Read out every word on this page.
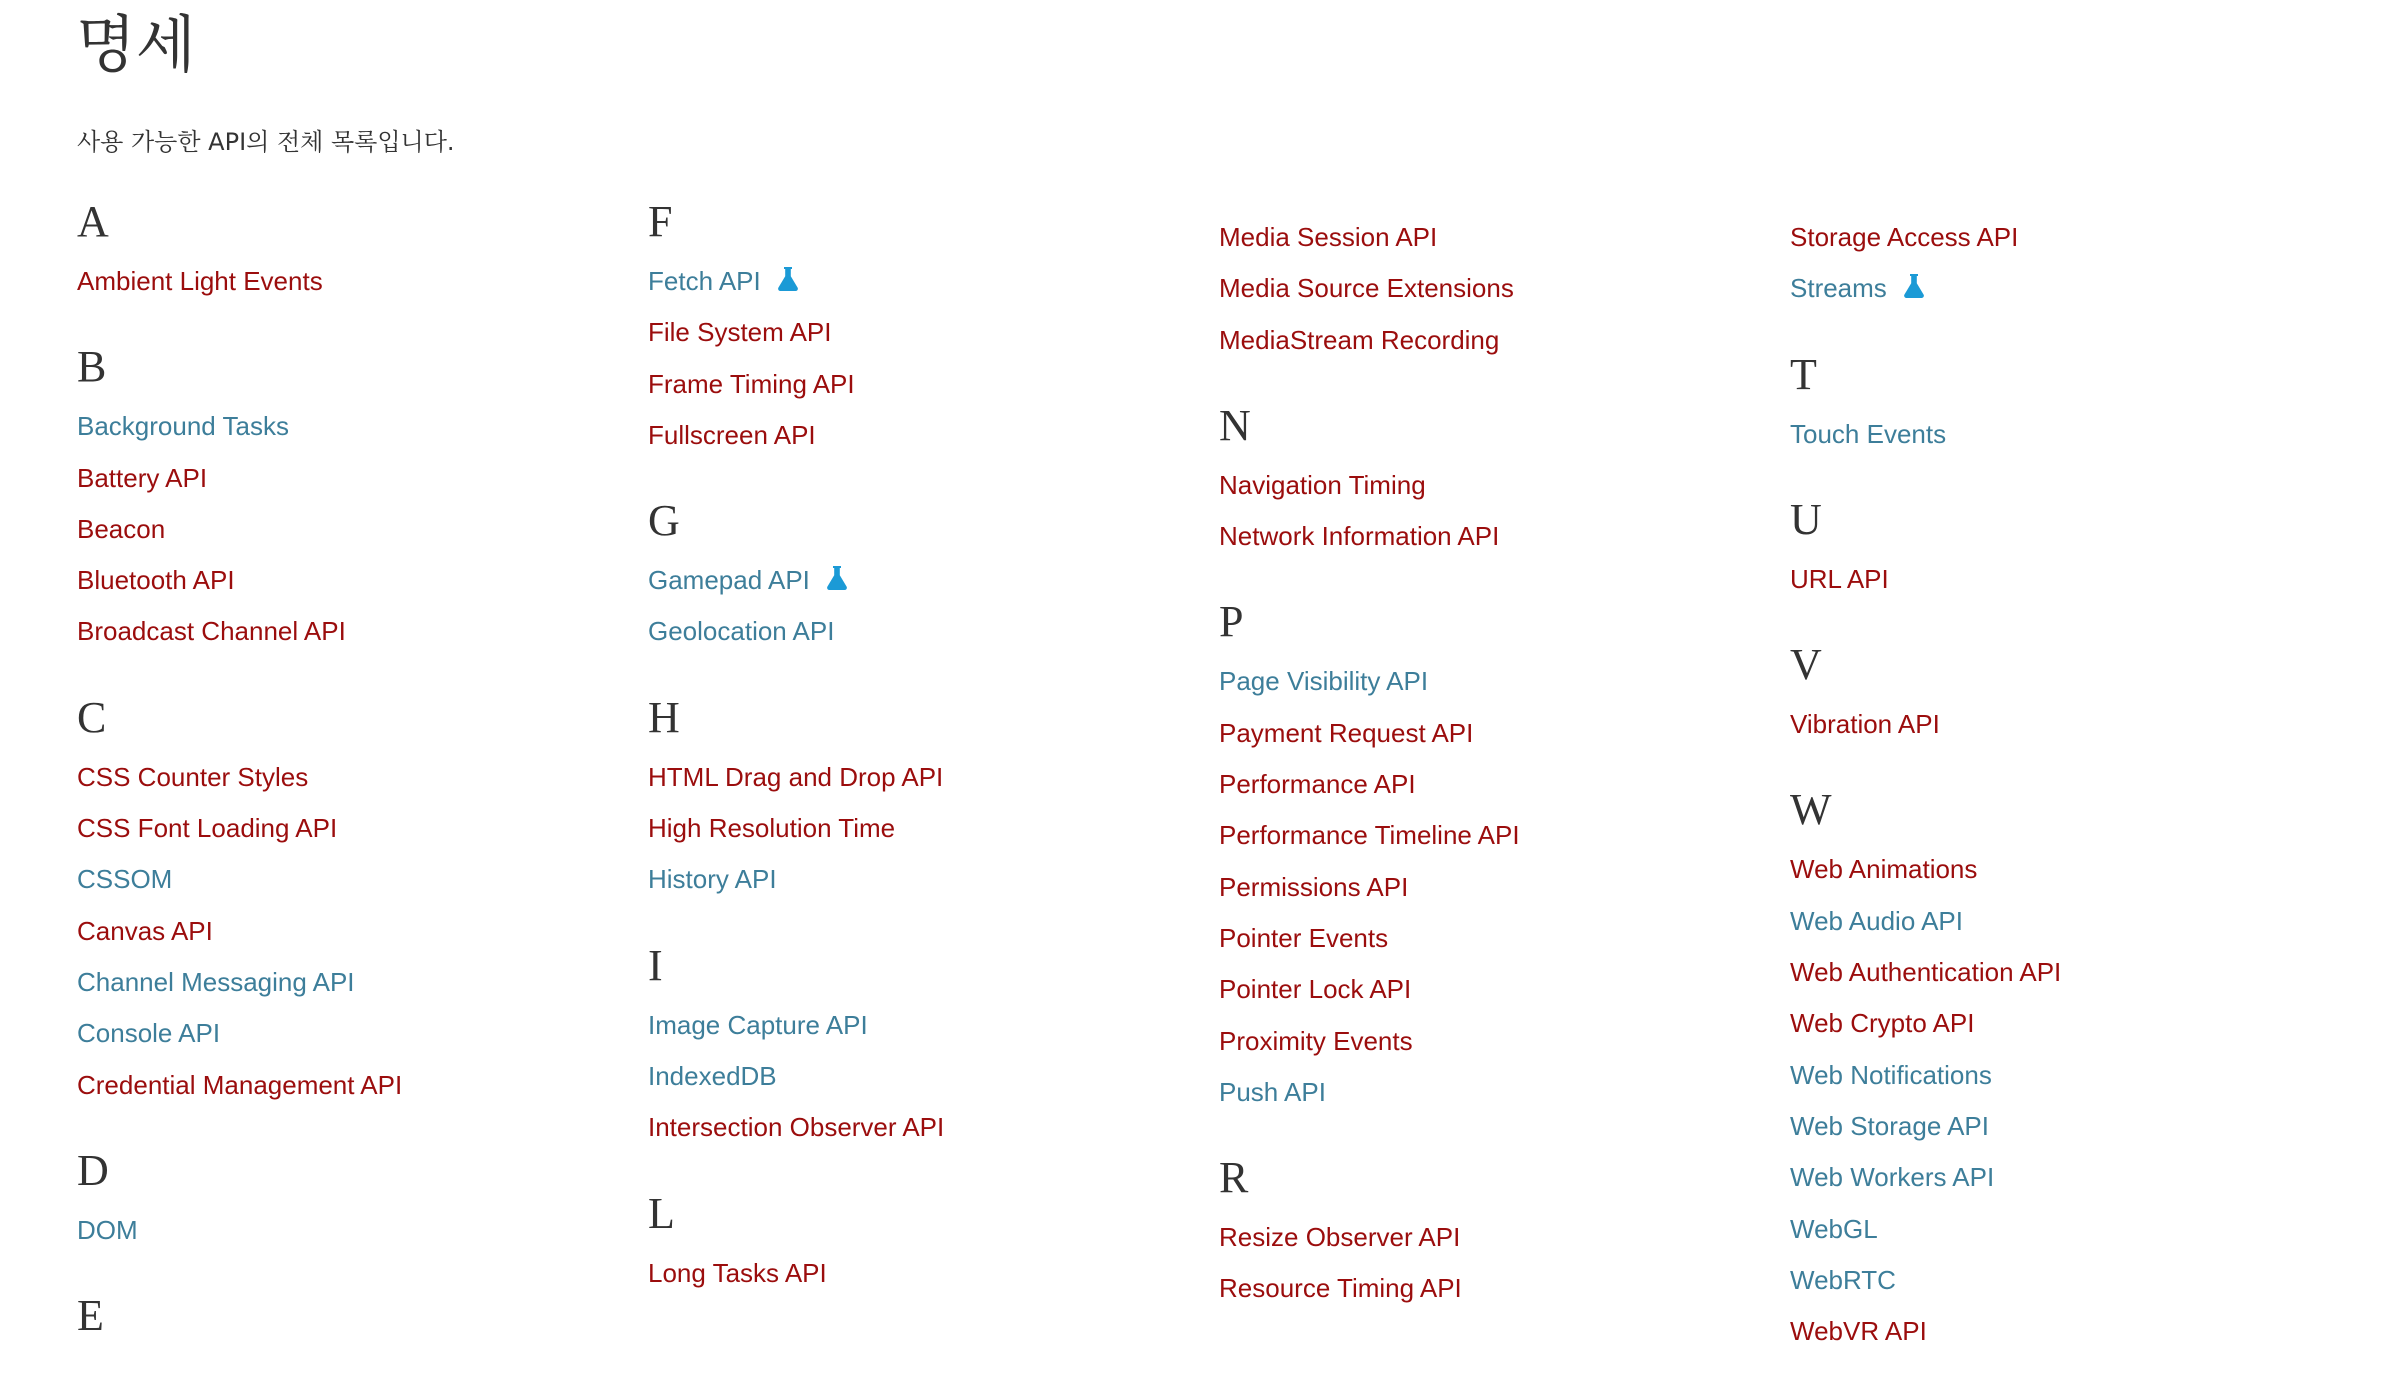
명세

사용 가능한 API의 전체 목록입니다.

A
Ambient Light Events
B
Background Tasks
Battery API
Beacon
Bluetooth API
Broadcast Channel API
C
CSS Counter Styles
CSS Font Loading API
CSSOM
Canvas API
Channel Messaging API
Console API
Credential Management API
D
DOM
E
F
Fetch API
File System API
Frame Timing API
Fullscreen API
G
Gamepad API
Geolocation API
H
HTML Drag and Drop API
High Resolution Time
History API
I
Image Capture API
IndexedDB
Intersection Observer API
L
Long Tasks API
Media Session API
Media Source Extensions
MediaStream Recording
N
Navigation Timing
Network Information API
P
Page Visibility API
Payment Request API
Performance API
Performance Timeline API
Permissions API
Pointer Events
Pointer Lock API
Proximity Events
Push API
R
Resize Observer API
Resource Timing API
Storage Access API
Streams
T
Touch Events
U
URL API
V
Vibration API
W
Web Animations
Web Audio API
Web Authentication API
Web Crypto API
Web Notifications
Web Storage API
Web Workers API
WebGL
WebRTC
WebVR API
